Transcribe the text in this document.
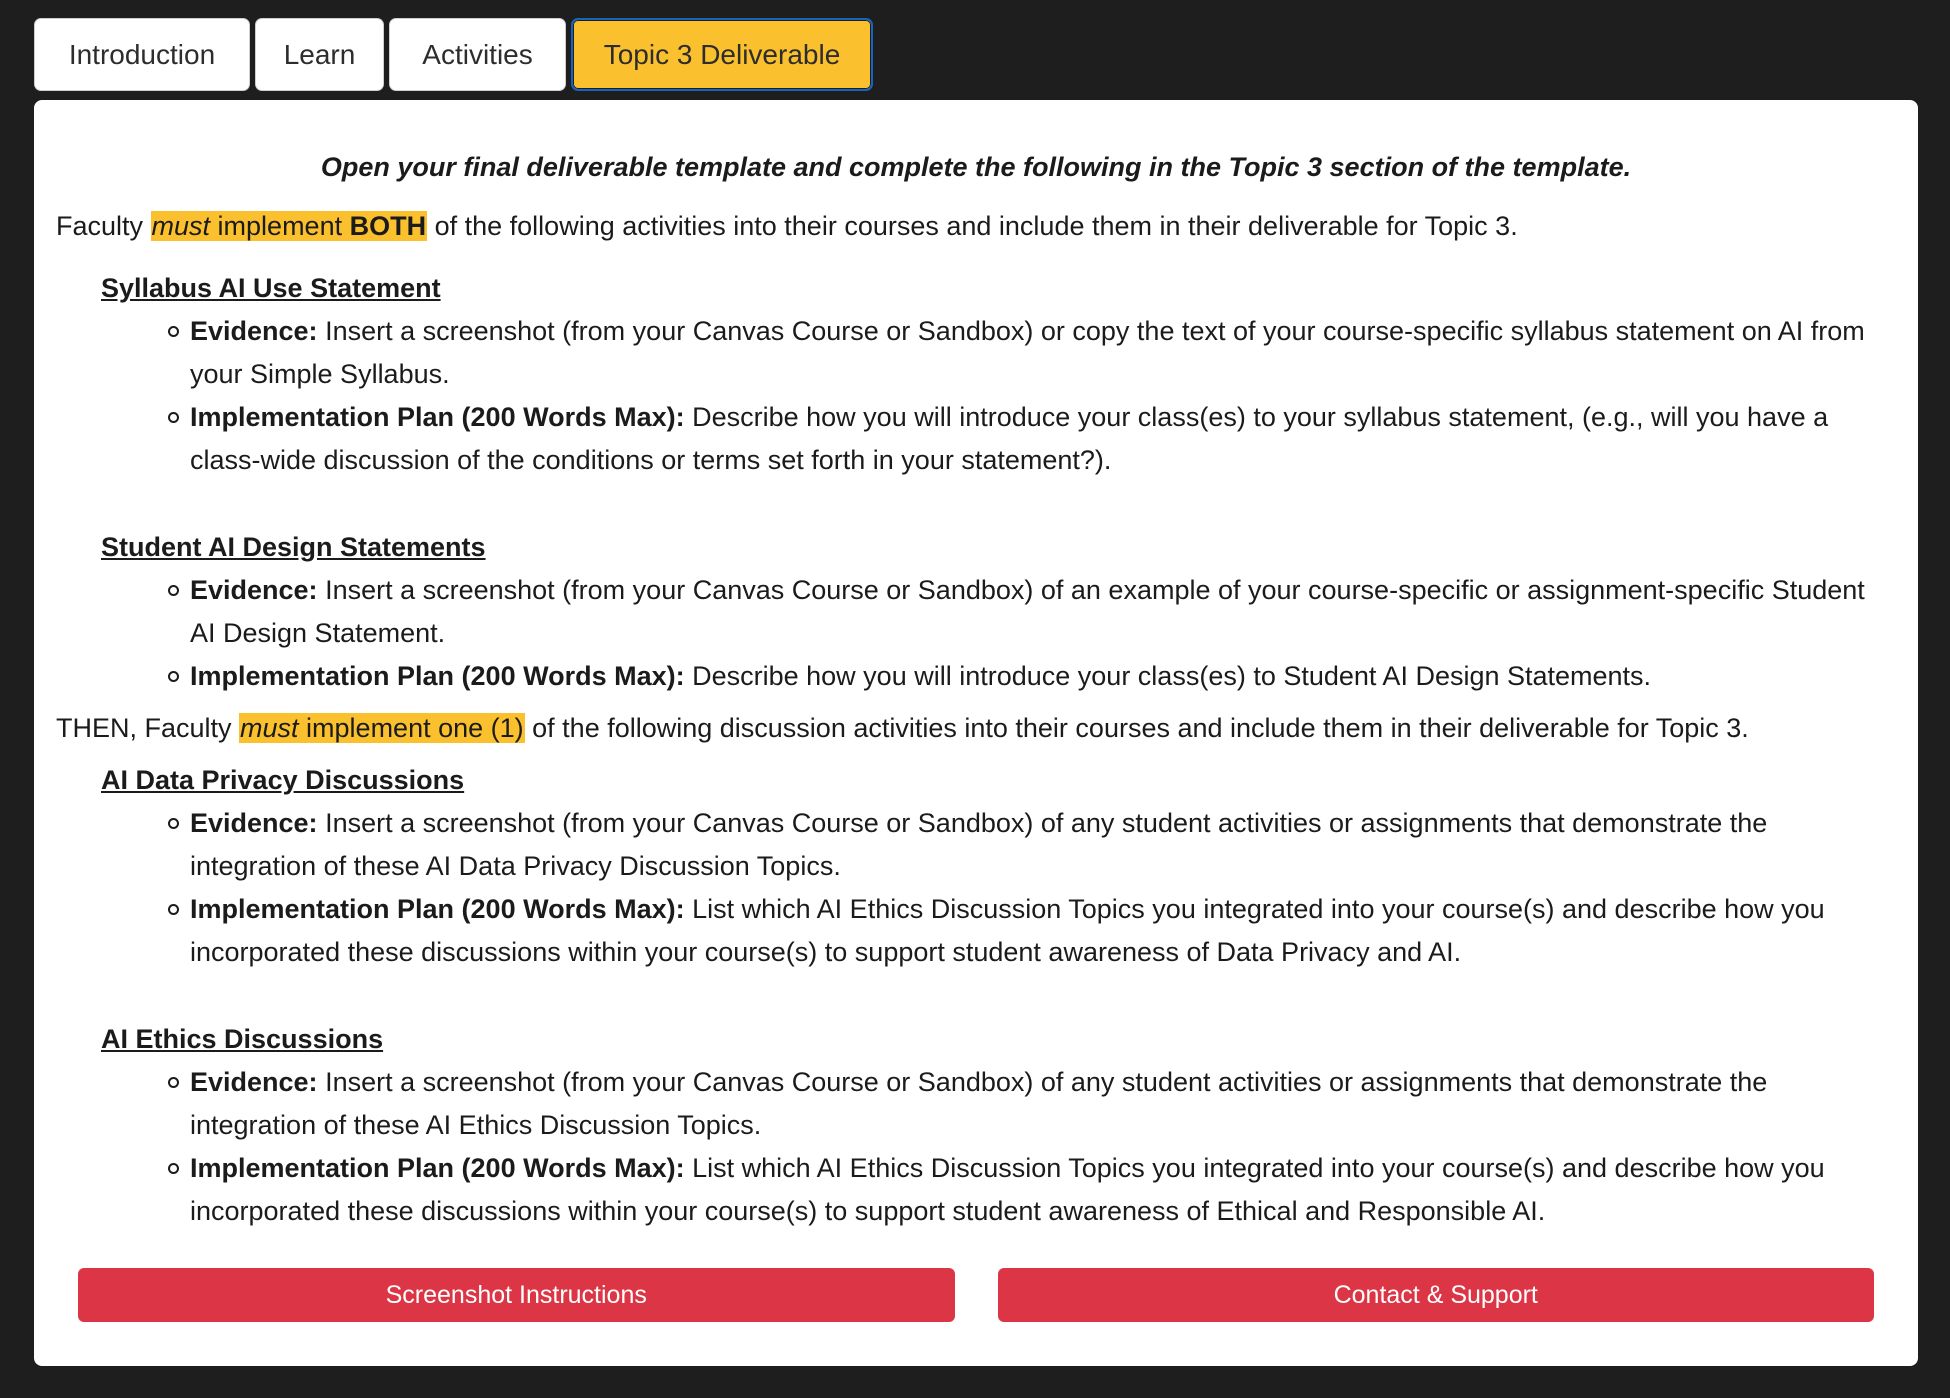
Introduction	Learn	Activities	Topic 3 Deliverable

Open your final deliverable template and complete the following in the Topic 3 section of the template.

Faculty must implement BOTH of the following activities into their courses and include them in their deliverable for Topic 3.

Syllabus AI Use Statement
Evidence: Insert a screenshot (from your Canvas Course or Sandbox) or copy the text of your course-specific syllabus statement on AI from your Simple Syllabus.
Implementation Plan (200 Words Max): Describe how you will introduce your class(es) to your syllabus statement, (e.g., will you have a class-wide discussion of the conditions or terms set forth in your statement?).
Student AI Design Statements
Evidence: Insert a screenshot (from your Canvas Course or Sandbox) of an example of your course-specific or assignment-specific Student AI Design Statement.
Implementation Plan (200 Words Max): Describe how you will introduce your class(es) to Student AI Design Statements.

THEN, Faculty must implement one (1) of the following discussion activities into their courses and include them in their deliverable for Topic 3.

AI Data Privacy Discussions
Evidence: Insert a screenshot (from your Canvas Course or Sandbox) of any student activities or assignments that demonstrate the integration of these AI Data Privacy Discussion Topics.
Implementation Plan (200 Words Max): List which AI Ethics Discussion Topics you integrated into your course(s) and describe how you incorporated these discussions within your course(s) to support student awareness of Data Privacy and AI.
AI Ethics Discussions
Evidence: Insert a screenshot (from your Canvas Course or Sandbox) of any student activities or assignments that demonstrate the integration of these AI Ethics Discussion Topics.
Implementation Plan (200 Words Max): List which AI Ethics Discussion Topics you integrated into your course(s) and describe how you incorporated these discussions within your course(s) to support student awareness of Ethical and Responsible AI.
Screenshot Instructions	Contact & Support
